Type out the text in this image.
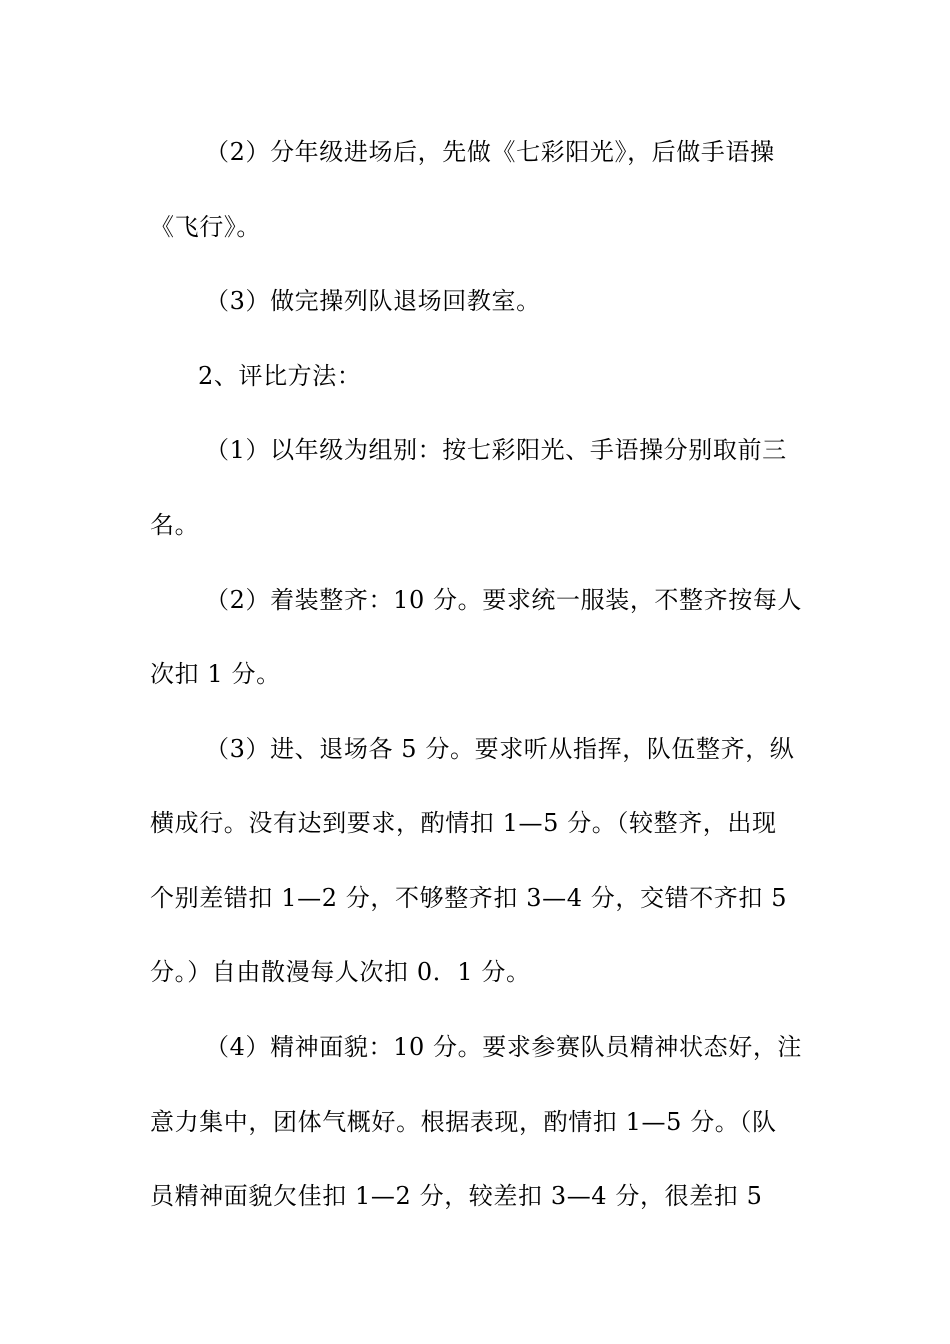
（2）分年级进场后，先做《七彩阳光》，后做手语操
《飞行》。
（3）做完操列队退场回教室。
2、评比方法：
（1）以年级为组别：按七彩阳光、手语操分别取前三
名。
（2）着装整齐：10 分。要求统一服装，不整齐按每人
次扣 1 分。
（3）进、退场各 5 分。要求听从指挥，队伍整齐，纵
横成行。没有达到要求，酌情扣 1—5 分。（较整齐，出现
个别差错扣 1—2 分，不够整齐扣 3—4 分，交错不齐扣 5
分。）自由散漫每人次扣 0．1 分。
（4）精神面貌：10 分。要求参赛队员精神状态好，注
意力集中，团体气概好。根据表现，酌情扣 1—5 分。（队
员精神面貌欠佳扣 1—2 分，较差扣 3—4 分，很差扣 5
